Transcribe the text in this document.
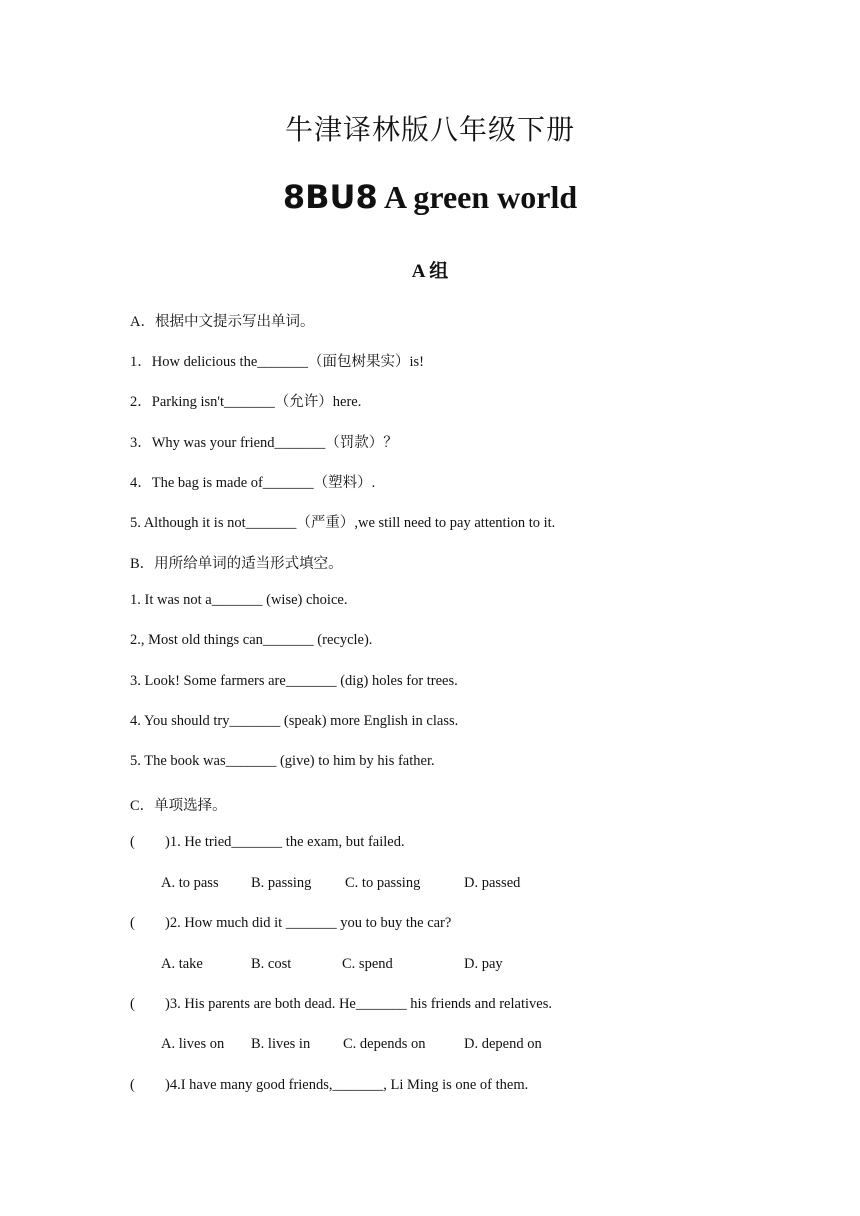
牛津译林版八年级下册
8BU8 A green world
A 组
A．根据中文提示写出单词。
1．How delicious the_______（面包树果实）is!
2．Parking isn't_______（允许）here.
3．Why was your friend_______（罚款）？
4．The bag is made of_______（塑料）.
5. Although it is not_______（严重）,we still need to pay attention to it.
B．用所给单词的适当形式填空。
1. It was not a_______ (wise) choice.
2., Most old things can_______ (recycle).
3. Look! Some farmers are_______ (dig) holes for trees.
4. You should try_______ (speak) more English in class.
5. The book was_______ (give) to him by his father.
C．单项选择。
( )1. He tried_______ the exam, but failed.
A. to pass B. passing C. to passing	D. passed
( )2. How much did it _______ you to buy the car?
A. take	B. cost	C. spend	D. pay
( )3. His parents are both dead. He_______ his friends and relatives.
A. lives on B. lives in C. depends on	D. depend on
( )4.I have many good friends,_______, Li Ming is one of them.
